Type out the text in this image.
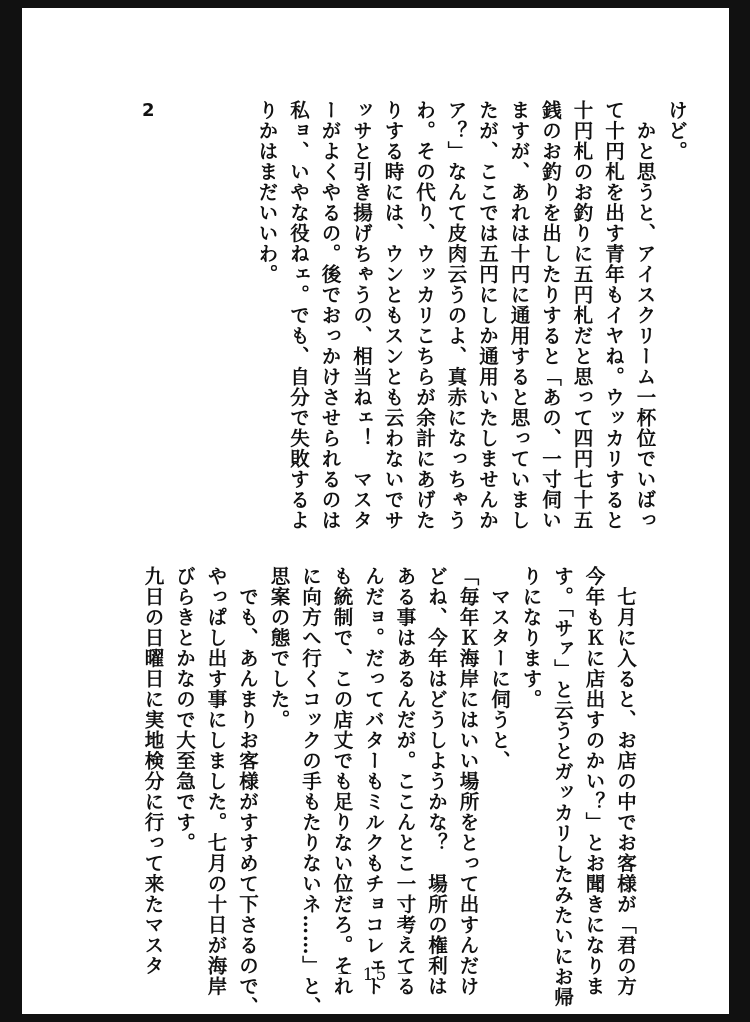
2	けど。
　かと思うと、アイスクリーム一杯位でいばっ
て十円札を出す青年もイヤね。ウッカリすると
十円札のお釣りに五円札だと思って四円七十五
銭のお釣りを出したりすると「あの、一寸伺い
ますが、あれは十円に通用すると思っていまし
たが、ここでは五円にしか通用いたしませんか
ア？」なんて皮肉云うのよ、真赤になっちゃう
わ。その代り、ウッカリこちらが余計にあげた
りする時には、ウンともスンとも云わないでサ
ッサと引き揚げちゃうの、相当ねェ！　マスタ
ーがよくやるの。後でおっかけさせられるのは
私ョ、いやな役ねェ。でも、自分で失敗するよ
りかはまだいいわ。
　七月に入ると、お店の中でお客様が「君の方
今年もＫに店出すのかい？」とお聞きになりま
す。「サァ」と云うとガッカリしたみたいにお帰
りになります。
　マスターに伺うと、
「毎年Ｋ海岸にはいい場所をとって出すんだけ
どね、今年はどうしようかな？　場所の権利は
ある事はあるんだが。ここんとこ一寸考えてる
んだョ。だってバターもミルクもチョコレェト
も統制で、この店丈でも足りない位だろ。それ
に向方へ行くコックの手もたりないネ……」と、
思案の態でした。
　でも、あんまりお客様がすすめて下さるので、
やっぱし出す事にしました。七月の十日が海岸
びらきとかなので大至急です。
九日の日曜日に実地検分に行って来たマスタ	－ 15 －
